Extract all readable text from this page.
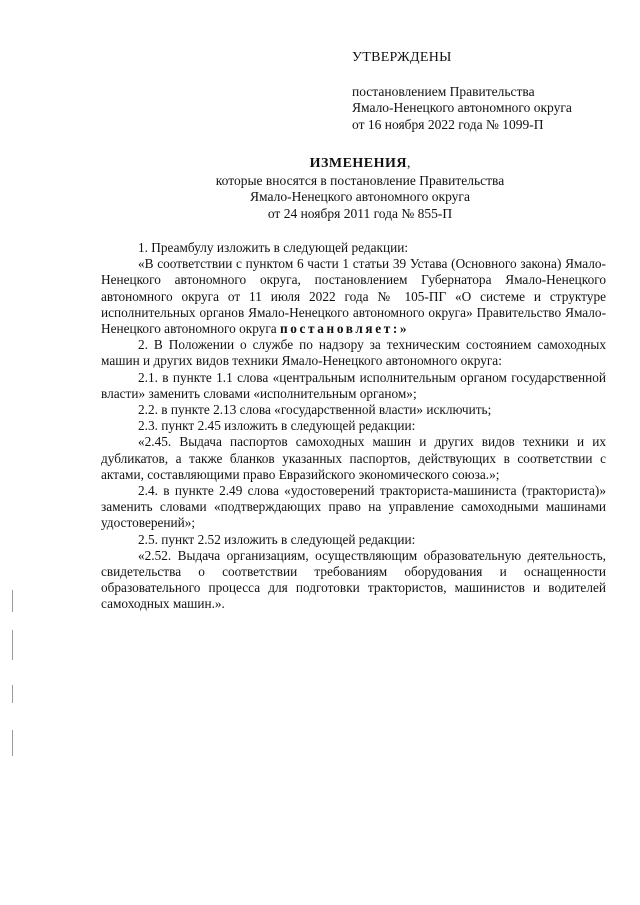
УТВЕРЖДЕНЫ
постановлением Правительства
Ямало-Ненецкого автономного округа
от 16 ноября 2022 года № 1099-П
ИЗМЕНЕНИЯ,
которые вносятся в постановление Правительства
Ямало-Ненецкого автономного округа
от 24 ноября 2011 года № 855-П

1. Преамбулу изложить в следующей редакции:

«В соответствии с пунктом 6 части 1 статьи 39 Устава (Основного закона) Ямало-Ненецкого автономного округа, постановлением Губернатора Ямало-Ненецкого автономного округа от 11 июля 2022 года № 105-ПГ «О системе и структуре исполнительных органов Ямало-Ненецкого автономного округа» Правительство Ямало-Ненецкого автономного округа постановляет:»

2. В Положении о службе по надзору за техническим состоянием самоходных машин и других видов техники Ямало-Ненецкого автономного округа:

2.1. в пункте 1.1 слова «центральным исполнительным органом государственной власти» заменить словами «исполнительным органом»;

2.2. в пункте 2.13 слова «государственной власти» исключить;

2.3. пункт 2.45 изложить в следующей редакции:

«2.45. Выдача паспортов самоходных машин и других видов техники и их дубликатов, а также бланков указанных паспортов, действующих в соответствии с актами, составляющими право Евразийского экономического союза.»;

2.4. в пункте 2.49 слова «удостоверений тракториста-машиниста (тракториста)» заменить словами «подтверждающих право на управление самоходными машинами удостоверений»;

2.5. пункт 2.52 изложить в следующей редакции:

«2.52. Выдача организациям, осуществляющим образовательную деятельность, свидетельства о соответствии требованиям оборудования и оснащенности образовательного процесса для подготовки трактористов, машинистов и водителей самоходных машин.».
